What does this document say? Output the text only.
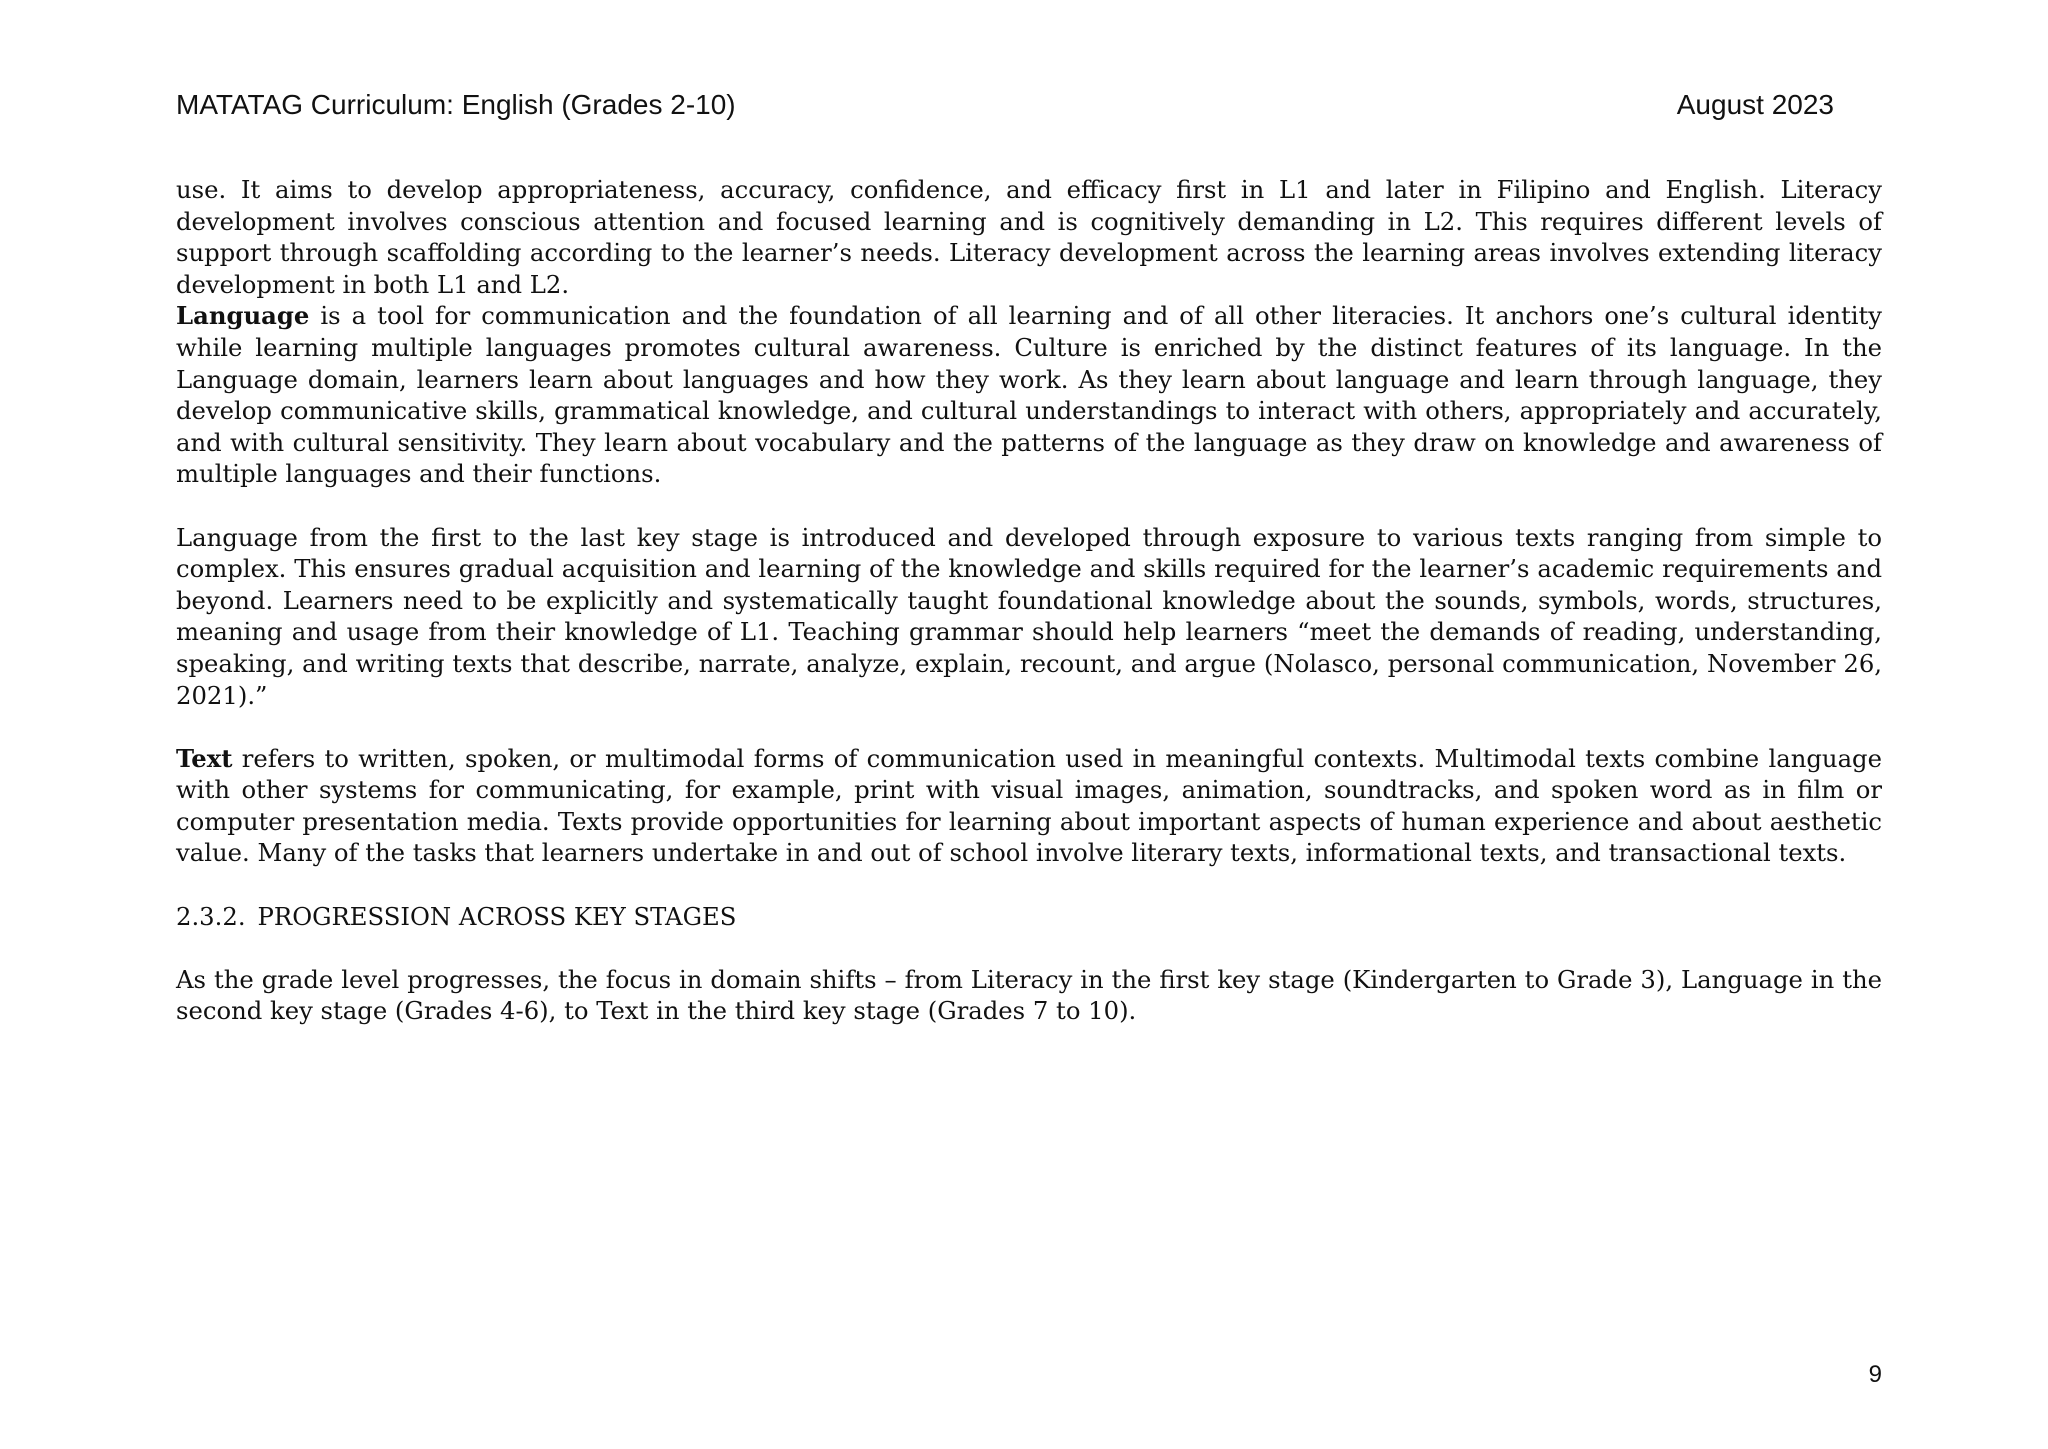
MATATAG Curriculum: English (Grades 2-10)	August 2023

use. It aims to develop appropriateness, accuracy, confidence, and efficacy first in L1 and later in Filipino and English. Literacy development involves conscious attention and focused learning and is cognitively demanding in L2. This requires different levels of support through scaffolding according to the learner’s needs. Literacy development across the learning areas involves extending literacy development in both L1 and L2.

Language is a tool for communication and the foundation of all learning and of all other literacies. It anchors one’s cultural identity while learning multiple languages promotes cultural awareness. Culture is enriched by the distinct features of its language. In the Language domain, learners learn about languages and how they work. As they learn about language and learn through language, they develop communicative skills, grammatical knowledge, and cultural understandings to interact with others, appropriately and accurately, and with cultural sensitivity. They learn about vocabulary and the patterns of the language as they draw on knowledge and awareness of multiple languages and their functions.

Language from the first to the last key stage is introduced and developed through exposure to various texts ranging from simple to complex. This ensures gradual acquisition and learning of the knowledge and skills required for the learner’s academic requirements and beyond. Learners need to be explicitly and systematically taught foundational knowledge about the sounds, symbols, words, structures, meaning and usage from their knowledge of L1. Teaching grammar should help learners “meet the demands of reading, understanding, speaking, and writing texts that describe, narrate, analyze, explain, recount, and argue (Nolasco, personal communication, November 26, 2021).”

Text refers to written, spoken, or multimodal forms of communication used in meaningful contexts. Multimodal texts combine language with other systems for communicating, for example, print with visual images, animation, soundtracks, and spoken word as in film or computer presentation media. Texts provide opportunities for learning about important aspects of human experience and about aesthetic value. Many of the tasks that learners undertake in and out of school involve literary texts, informational texts, and transactional texts.

2.3.2. PROGRESSION ACROSS KEY STAGES

As the grade level progresses, the focus in domain shifts – from Literacy in the first key stage (Kindergarten to Grade 3), Language in the second key stage (Grades 4-6), to Text in the third key stage (Grades 7 to 10).

9
